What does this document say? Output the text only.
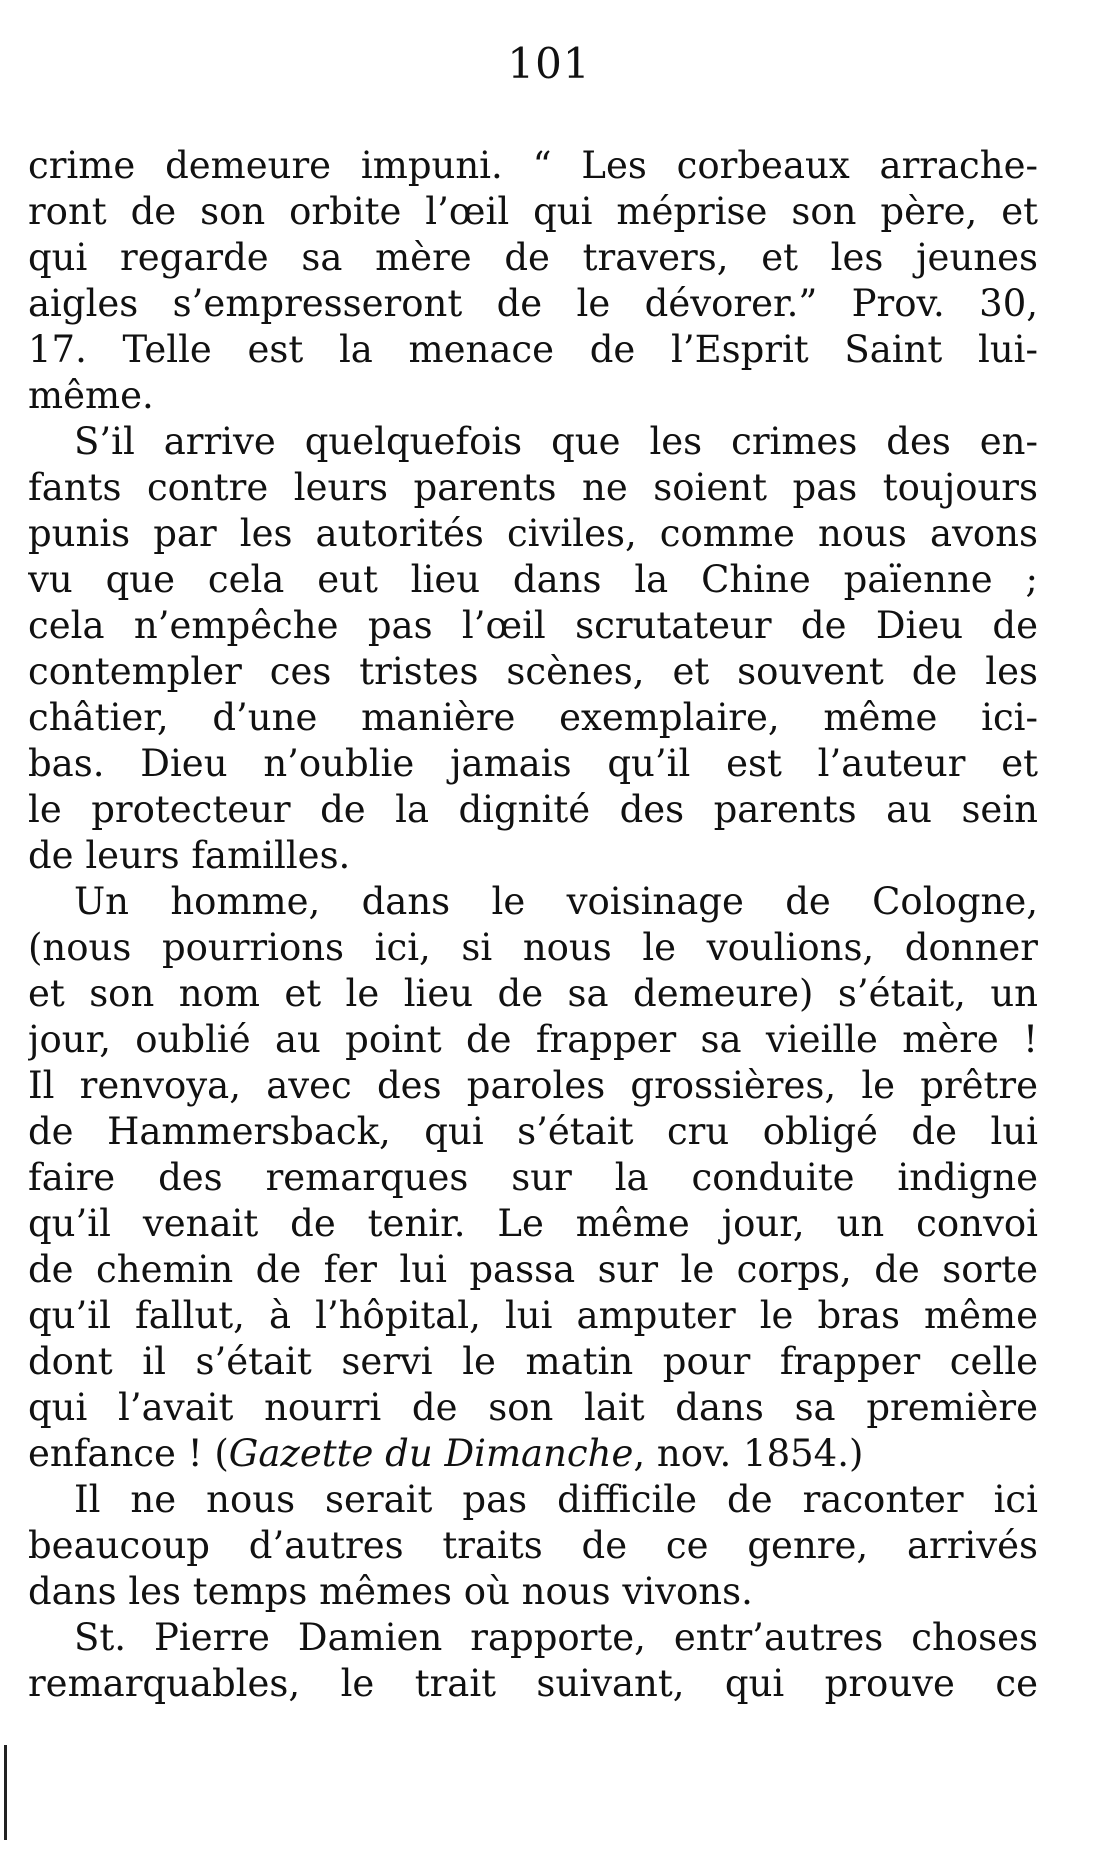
101
crime demeure impuni. “ Les corbeaux arrache-
ront de son orbite l’œil qui méprise son père, et
qui regarde sa mère de travers, et les jeunes
aigles s’empresseront de le dévorer.” Prov. 30,
17. Telle est la menace de l’Esprit Saint lui-
même.
S’il arrive quelquefois que les crimes des en-
fants contre leurs parents ne soient pas toujours
punis par les autorités civiles, comme nous avons
vu que cela eut lieu dans la Chine païenne ;
cela n’empêche pas l’œil scrutateur de Dieu de
contempler ces tristes scènes, et souvent de les
châtier, d’une manière exemplaire, même ici-
bas. Dieu n’oublie jamais qu’il est l’auteur et
le protecteur de la dignité des parents au sein
de leurs familles.
Un homme, dans le voisinage de Cologne,
(nous pourrions ici, si nous le voulions, donner
et son nom et le lieu de sa demeure) s’était, un
jour, oublié au point de frapper sa vieille mère !
Il renvoya, avec des paroles grossières, le prêtre
de Hammersback, qui s’était cru obligé de lui
faire des remarques sur la conduite indigne
qu’il venait de tenir. Le même jour, un convoi
de chemin de fer lui passa sur le corps, de sorte
qu’il fallut, à l’hôpital, lui amputer le bras même
dont il s’était servi le matin pour frapper celle
qui l’avait nourri de son lait dans sa première
enfance ! (Gazette du Dimanche, nov. 1854.)
Il ne nous serait pas difficile de raconter ici
beaucoup d’autres traits de ce genre, arrivés
dans les temps mêmes où nous vivons.
St. Pierre Damien rapporte, entr’autres choses
remarquables, le trait suivant, qui prouve ce
